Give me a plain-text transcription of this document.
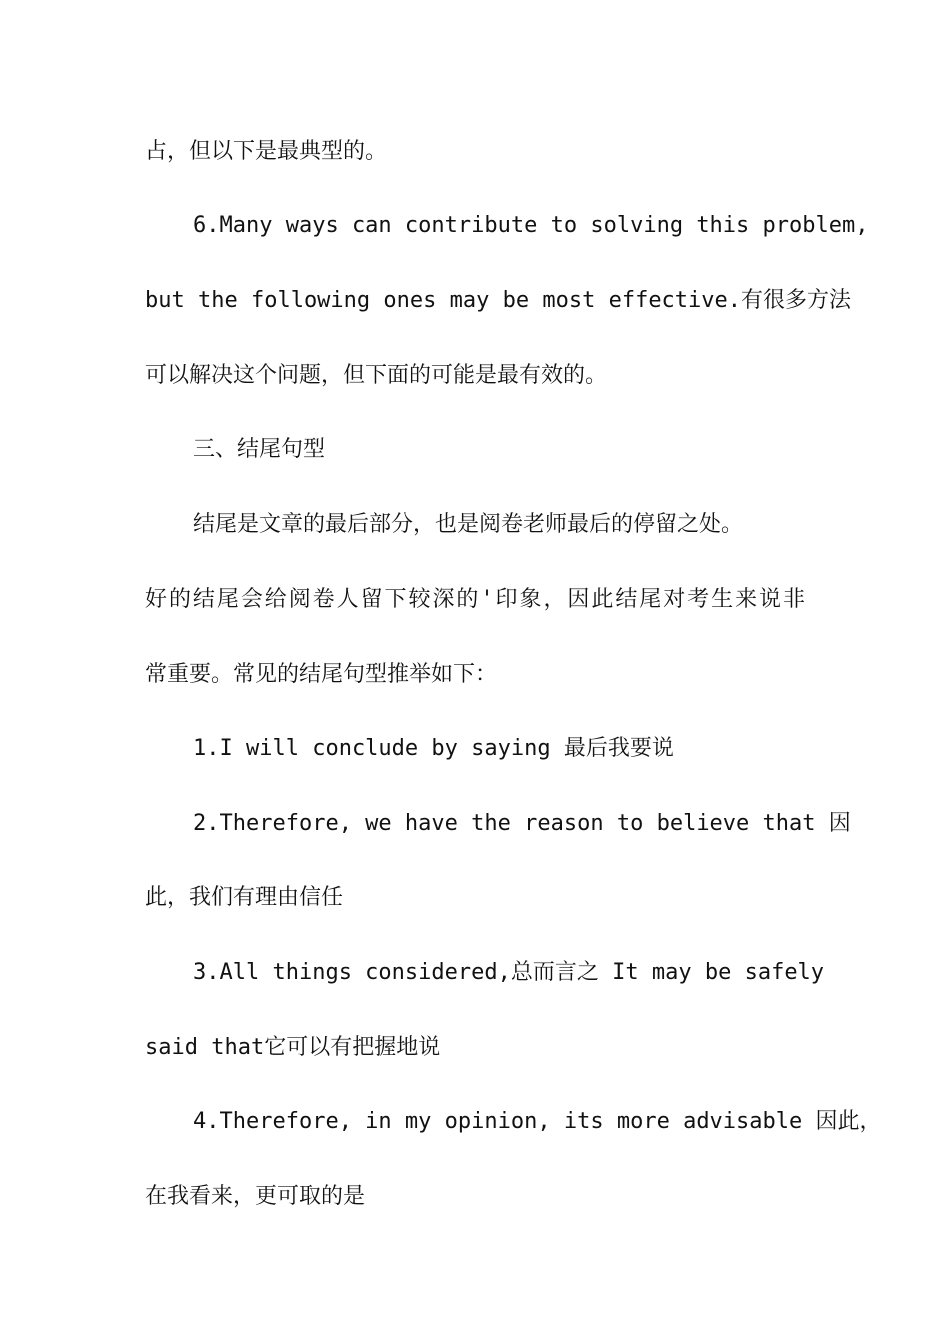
占，但以下是最典型的。
6.Many ways can contribute to solving this problem,
but the following ones may be most effective.有很多方法
可以解决这个问题，但下面的可能是最有效的。
三、结尾句型
结尾是文章的最后部分，也是阅卷老师最后的停留之处。
好的结尾会给阅卷人留下较深的'印象，因此结尾对考生来说非
常重要。常见的结尾句型推举如下：
1.I will conclude by saying 最后我要说
2.Therefore, we have the reason to believe that 因
此，我们有理由信任
3.All things considered,总而言之 It may be safely
said that它可以有把握地说
4.Therefore, in my opinion, its more advisable 因此，
在我看来，更可取的是
